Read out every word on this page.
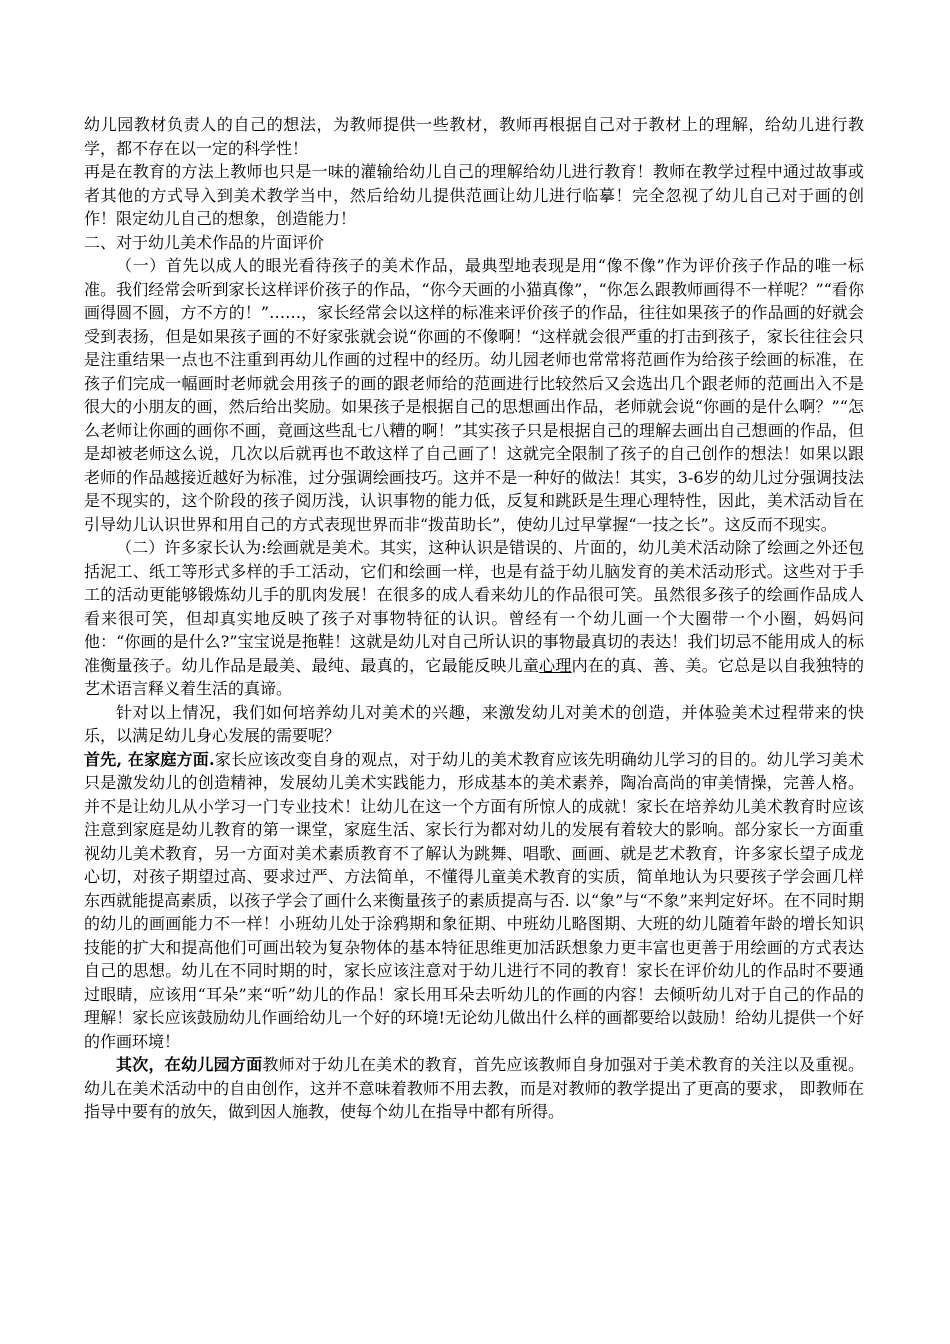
幼儿园教材负责人的自己的想法，为教师提供一些教材，教师再根据自己对于教材上的理解，给幼儿进行教学，都不存在以一定的科学性！

再是在教育的方法上教师也只是一味的灌输给幼儿自己的理解给幼儿进行教育！教师在教学过程中通过故事或者其他的方式导入到美术教学当中，然后给幼儿提供范画让幼儿进行临摹！完全忽视了幼儿自己对于画的创作！限定幼儿自己的想象，创造能力！

二、对于幼儿美术作品的片面评价

（一）首先以成人的眼光看待孩子的美术作品，最典型地表现是用“像不像”作为评价孩子作品的唯一标准。我们经常会听到家长这样评价孩子的作品，“你今天画的小猫真像”，“你怎么跟教师画得不一样呢？”“看你画得圆不圆，方不方的！”……，家长经常会以这样的标准来评价孩子的作品，往往如果孩子的作品画的好就会受到表扬，但是如果孩子画的不好家张就会说“你画的不像啊！“这样就会很严重的打击到孩子，家长往往会只是注重结果一点也不注重到再幼儿作画的过程中的经历。幼儿园老师也常常将范画作为给孩子绘画的标准，在孩子们完成一幅画时老师就会用孩子的画的跟老师给的范画进行比较然后又会选出几个跟老师的范画出入不是很大的小朋友的画，然后给出奖励。如果孩子是根据自己的思想画出作品，老师就会说“你画的是什么啊？”“怎么老师让你画的画你不画，竟画这些乱七八糟的啊！”其实孩子只是根据自己的理解去画出自己想画的作品，但是却被老师这么说，几次以后就再也不敢这样了自己画了！这就完全限制了孩子的自己创作的想法！如果以跟老师的作品越接近越好为标准，过分强调绘画技巧。这并不是一种好的做法！其实，3-6岁的幼儿过分强调技法是不现实的，这个阶段的孩子阅历浅，认识事物的能力低，反复和跳跃是生理心理特性，因此，美术活动旨在引导幼儿认识世界和用自己的方式表现世界而非“拨苗助长”，使幼儿过早掌握“一技之长”。这反而不现实。

（二）许多家长认为:绘画就是美术。其实，这种认识是错误的、片面的，幼儿美术活动除了绘画之外还包括泥工、纸工等形式多样的手工活动，它们和绘画一样，也是有益于幼儿脑发育的美术活动形式。这些对于手工的活动更能够锻炼幼儿手的肌肉发展！在很多的成人看来幼儿的作品很可笑。虽然很多孩子的绘画作品成人看来很可笑，但却真实地反映了孩子对事物特征的认识。曾经有一个幼儿画一个大圈带一个小圈，妈妈问他：“你画的是什么?”宝宝说是拖鞋！这就是幼儿对自己所认识的事物最真切的表达！我们切忌不能用成人的标准衡量孩子。幼儿作品是最美、最纯、最真的，它最能反映儿童心理内在的真、善、美。它总是以自我独特的艺术语言释义着生活的真谛。

针对以上情况，我们如何培养幼儿对美术的兴趣，来激发幼儿对美术的创造，并体验美术过程带来的快乐，以满足幼儿身心发展的需要呢？

首先, 在家庭方面.家长应该改变自身的观点，对于幼儿的美术教育应该先明确幼儿学习的目的。幼儿学习美术只是激发幼儿的创造精神，发展幼儿美术实践能力，形成基本的美术素养，陶冶高尚的审美情操，完善人格。并不是让幼儿从小学习一门专业技术！让幼儿在这一个方面有所惊人的成就！家长在培养幼儿美术教育时应该注意到家庭是幼儿教育的第一课堂，家庭生活、家长行为都对幼儿的发展有着较大的影响。部分家长一方面重视幼儿美术教育，另一方面对美术素质教育不了解认为跳舞、唱歌、画画、就是艺术教育，许多家长望子成龙心切，对孩子期望过高、要求过严、方法简单，不懂得儿童美术教育的实质，简单地认为只要孩子学会画几样东西就能提高素质，以孩子学会了画什么来衡量孩子的素质提高与否. 以“象”与“不象”来判定好坏。在不同时期的幼儿的画画能力不一样！小班幼儿处于涂鸦期和象征期、中班幼儿略图期、大班的幼儿随着年龄的增长知识技能的扩大和提高他们可画出较为复杂物体的基本特征思维更加活跃想象力更丰富也更善于用绘画的方式表达自己的思想。幼儿在不同时期的时，家长应该注意对于幼儿进行不同的教育！家长在评价幼儿的作品时不要通过眼睛，应该用“耳朵”来“听”幼儿的作品！家长用耳朵去听幼儿的作画的内容！去倾听幼儿对于自己的作品的理解！家长应该鼓励幼儿作画给幼儿一个好的环境!无论幼儿做出什么样的画都要给以鼓励！给幼儿提供一个好的作画环境！

其次，在幼儿园方面教师对于幼儿在美术的教育，首先应该教师自身加强对于美术教育的关注以及重视。幼儿在美术活动中的自由创作，这并不意味着教师不用去教，而是对教师的教学提出了更高的要求， 即教师在指导中要有的放矢，做到因人施教，使每个幼儿在指导中都有所得。
